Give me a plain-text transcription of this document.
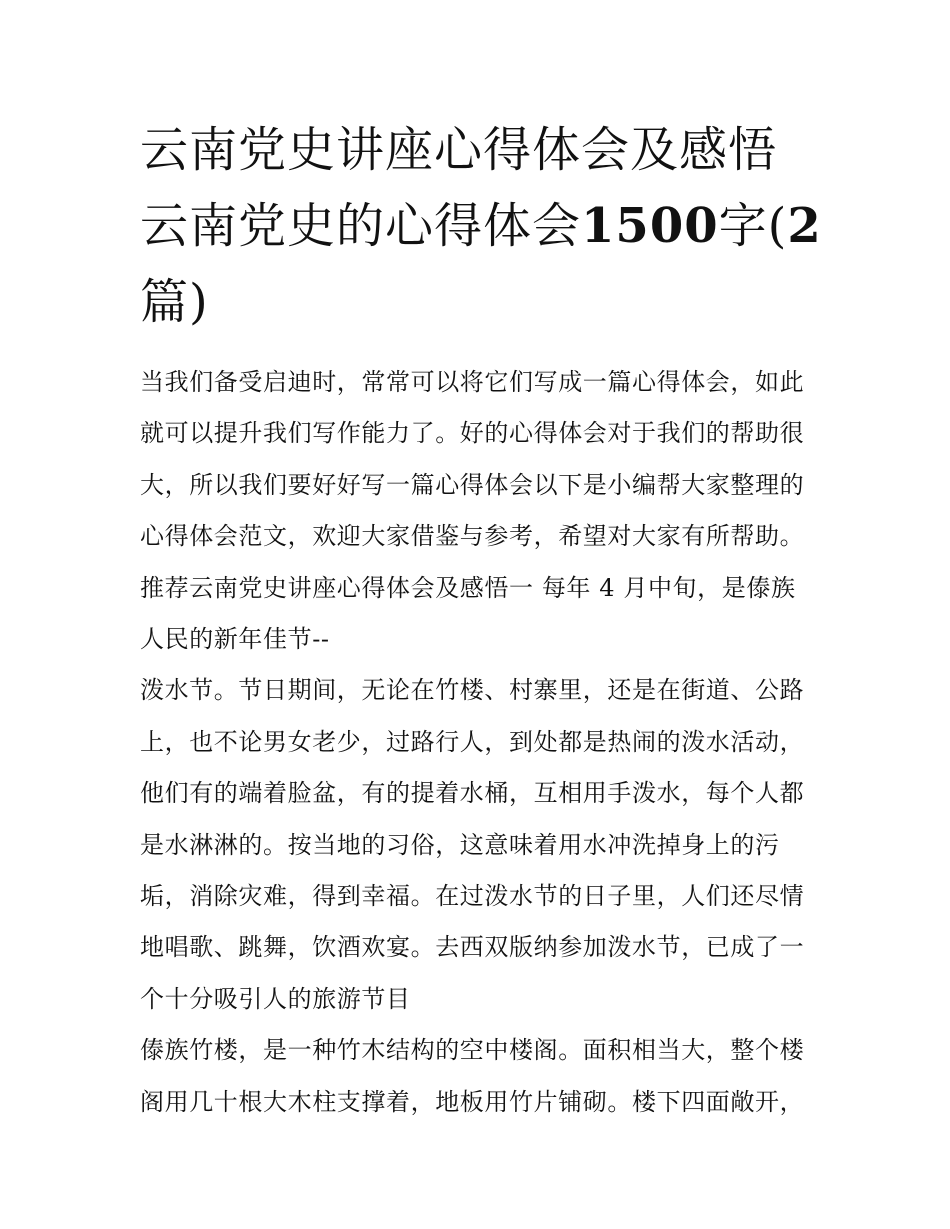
云南党史讲座心得体会及感悟
云南党史的心得体会1500字(2
篇)

当我们备受启迪时，常常可以将它们写成一篇心得体会，如此
就可以提升我们写作能力了。好的心得体会对于我们的帮助很
大，所以我们要好好写一篇心得体会以下是小编帮大家整理的
心得体会范文，欢迎大家借鉴与参考，希望对大家有所帮助。
推荐云南党史讲座心得体会及感悟一 每年 4 月中旬，是傣族
人民的新年佳节--

泼水节。节日期间，无论在竹楼、村寨里，还是在街道、公路
上，也不论男女老少，过路行人，到处都是热闹的泼水活动，
他们有的端着脸盆，有的提着水桶，互相用手泼水，每个人都
是水淋淋的。按当地的习俗，这意味着用水冲洗掉身上的污
垢，消除灾难，得到幸福。在过泼水节的日子里，人们还尽情
地唱歌、跳舞，饮酒欢宴。去西双版纳参加泼水节，已成了一
个十分吸引人的旅游节目

傣族竹楼，是一种竹木结构的空中楼阁。面积相当大，整个楼
阁用几十根大木柱支撑着，地板用竹片铺砌。楼下四面敞开，
